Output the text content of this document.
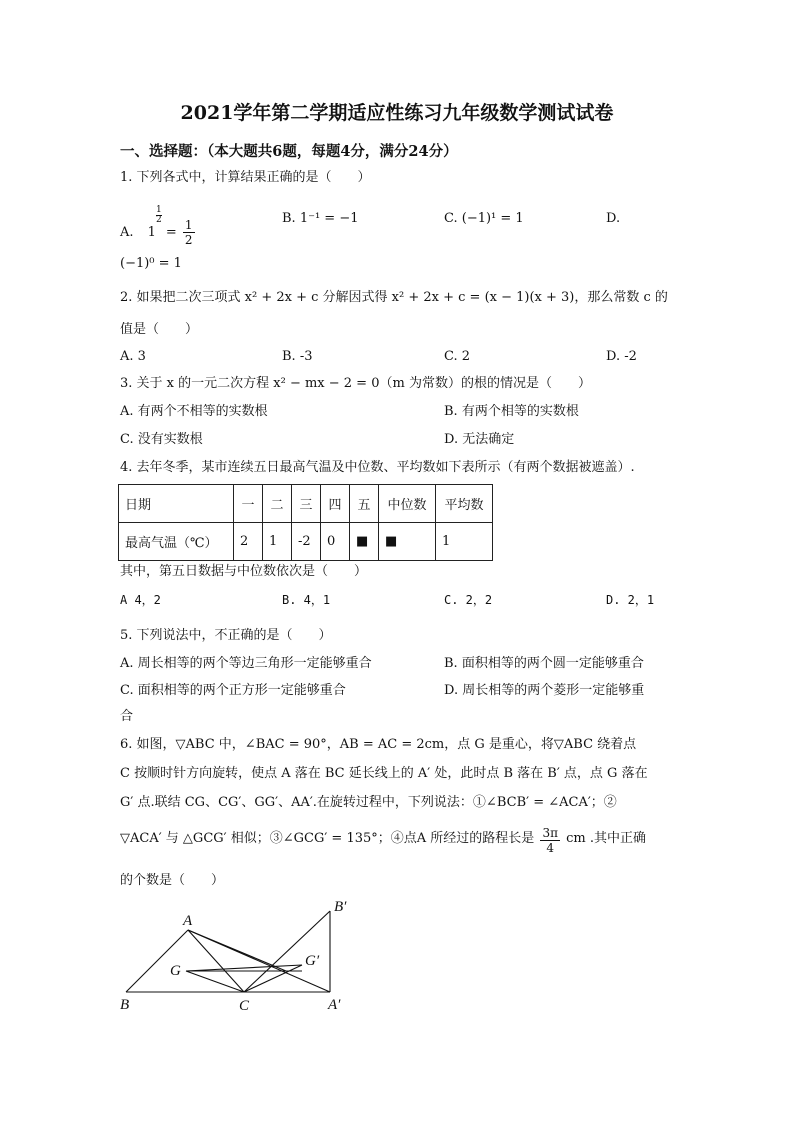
2021学年第二学期适应性练习九年级数学测试试卷
一、选择题：（本大题共6题，每题4分，满分24分）
1. 下列各式中，计算结果正确的是（　　）
A. 1
$^{\frac{1}{2}}$
= $\frac{1}{2}$	B. 1⁻¹ = −1	C. (−1)¹ = 1	D.
(−1)⁰ = 1
2. 如果把二次三项式 x² + 2x + c 分解因式得 x² + 2x + c = (x − 1)(x + 3)，那么常数 c 的
值是（　　）
A. 3	B. -3	C. 2	D. -2
3. 关于 x 的一元二次方程 x² − mx − 2 = 0（m 为常数）的根的情况是（　　）
A. 有两个不相等的实数根	B. 有两个相等的实数根
C. 没有实数根	D. 无法确定
4. 去年冬季，某市连续五日最高气温及中位数、平均数如下表所示（有两个数据被遮盖）.
日期	一	二	三	四	五	中位数	平均数
最高气温（℃）	2	1	-2	0	■	■	1
其中，第五日数据与中位数依次是（　　）
A 4，2	B. 4，1	C. 2，2	D. 2，1
5. 下列说法中，不正确的是（　　）
A. 周长相等的两个等边三角形一定能够重合	B. 面积相等的两个圆一定能够重合
C. 面积相等的两个正方形一定能够重合	D. 周长相等的两个菱形一定能够重
合
6. 如图，▽ABC 中，∠BAC = 90°，AB = AC = 2cm，点 G 是重心，将▽ABC 绕着点
C 按顺时针方向旋转，使点 A 落在 BC 延长线上的 A′ 处，此时点 B 落在 B′ 点，点 G 落在
G′ 点.联结 CG、CG′、GG′、AA′.在旋转过程中，下列说法：①∠BCB′ = ∠ACA′；②
▽ACA′ 与 △GCG′ 相似；③∠GCG′ = 135°；④点A 所经过的路程长是 $\frac{3\pi}{4}$ cm .其中正确
的个数是（　　）
A
B	C
G
A′
B′
G′
